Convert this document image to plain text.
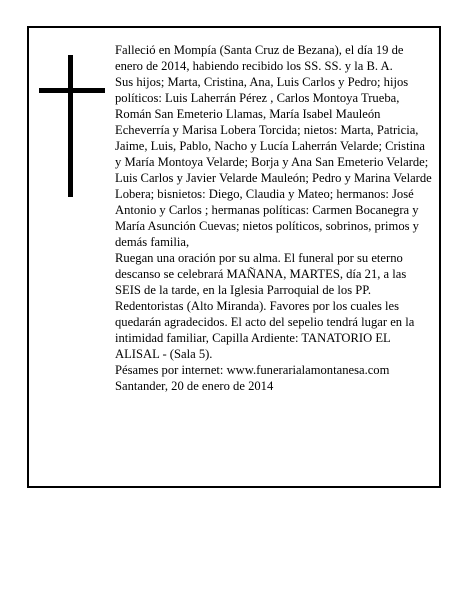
Falleció en Mompía (Santa Cruz de Bezana), el día 19 de enero de 2014, habiendo recibido los SS. SS. y la B. A.

Sus hijos; Marta, Cristina, Ana, Luis Carlos y Pedro; hijos políticos: Luis Laherrán Pérez , Carlos Montoya Trueba, Román San Emeterio Llamas, María Isabel Mauleón Echeverría y Marisa Lobera Torcida; nietos: Marta, Patricia, Jaime, Luis, Pablo, Nacho y Lucía Laherrán Velarde; Cristina y María Montoya Velarde; Borja y Ana San Emeterio Velarde; Luis Carlos y Javier Velarde Mauleón; Pedro y Marina Velarde Lobera; bisnietos: Diego, Claudia y Mateo; hermanos: José Antonio y Carlos ; hermanas políticas: Carmen Bocanegra y María Asunción Cuevas; nietos políticos, sobrinos, primos y demás familia,

Ruegan una oración por su alma. El funeral por su eterno descanso se celebrará MAÑANA, MARTES, día 21, a las SEIS de la tarde, en la Iglesia Parroquial de los PP. Redentoristas (Alto Miranda). Favores por los cuales les quedarán agradecidos. El acto del sepelio tendrá lugar en la intimidad familiar, Capilla Ardiente: TANATORIO EL ALISAL - (Sala 5).

Pésames por internet: www.funerarialamontanesa.com

Santander, 20 de enero de 2014
